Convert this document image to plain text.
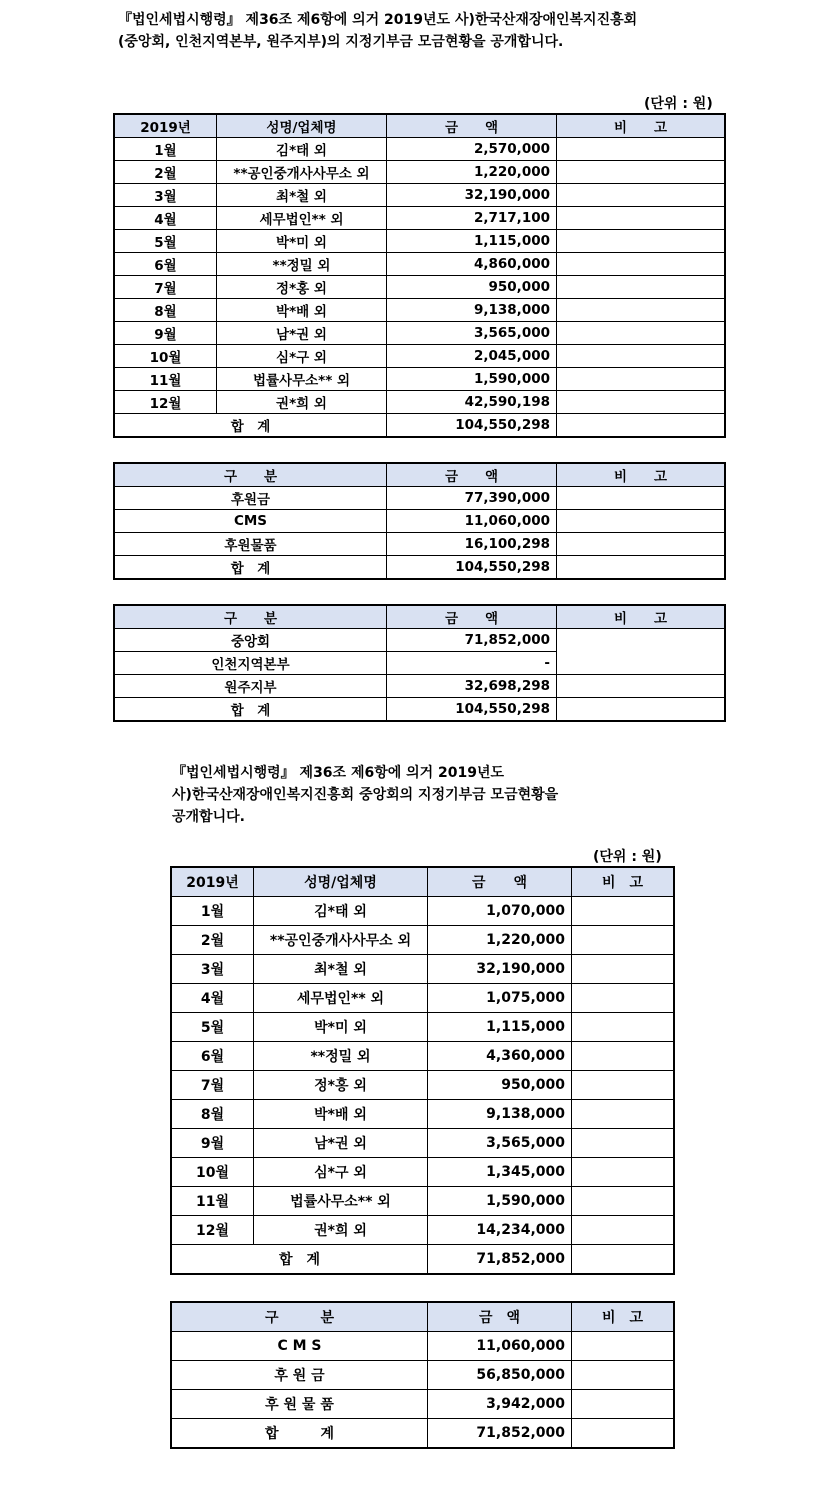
『법인세법시행령』 제36조 제6항에 의거 2019년도 사)한국산재장애인복지진흥회
(중앙회, 인천지역본부, 원주지부)의 지정기부금 모금현황을 공개합니다.
(단위 : 원)
2019년	성명/업체명	금　　액	비　　고
1월	김*태 외	2,570,000	
2월	**공인중개사사무소 외	1,220,000	
3월	최*철 외	32,190,000	
4월	세무법인** 외	2,717,100	
5월	박*미 외	1,115,000	
6월	**정밀 외	4,860,000	
7월	정*홍 외	950,000	
8월	박*배 외	9,138,000	
9월	남*권 외	3,565,000	
10월	심*구 외	2,045,000	
11월	법률사무소** 외	1,590,000	
12월	권*희 외	42,590,198	
합　계		104,550,298	
구　　분	금　　액	비　　고
후원금	77,390,000	
CMS	11,060,000	
후원물품	16,100,298	
합　계	104,550,298	
구　　분	금　　액	비　　고
중앙회	71,852,000	
인천지역본부	-	
원주지부	32,698,298	
합　계	104,550,298	
『법인세법시행령』 제36조 제6항에 의거 2019년도
사)한국산재장애인복지진흥회 중앙회의 지정기부금 모금현황을
공개합니다.
(단위 : 원)
2019년	성명/업체명	금　　액	비　고
1월	김*태 외	1,070,000	
2월	**공인중개사사무소 외	1,220,000	
3월	최*철 외	32,190,000	
4월	세무법인** 외	1,075,000	
5월	박*미 외	1,115,000	
6월	**정밀 외	4,360,000	
7월	정*홍 외	950,000	
8월	박*배 외	9,138,000	
9월	남*권 외	3,565,000	
10월	심*구 외	1,345,000	
11월	법률사무소** 외	1,590,000	
12월	권*희 외	14,234,000	
합　계		71,852,000	
구　　　분	금　액	비　고
C M S	11,060,000	
후 원 금	56,850,000	
후 원 물 품	3,942,000	
합　　　계	71,852,000	
